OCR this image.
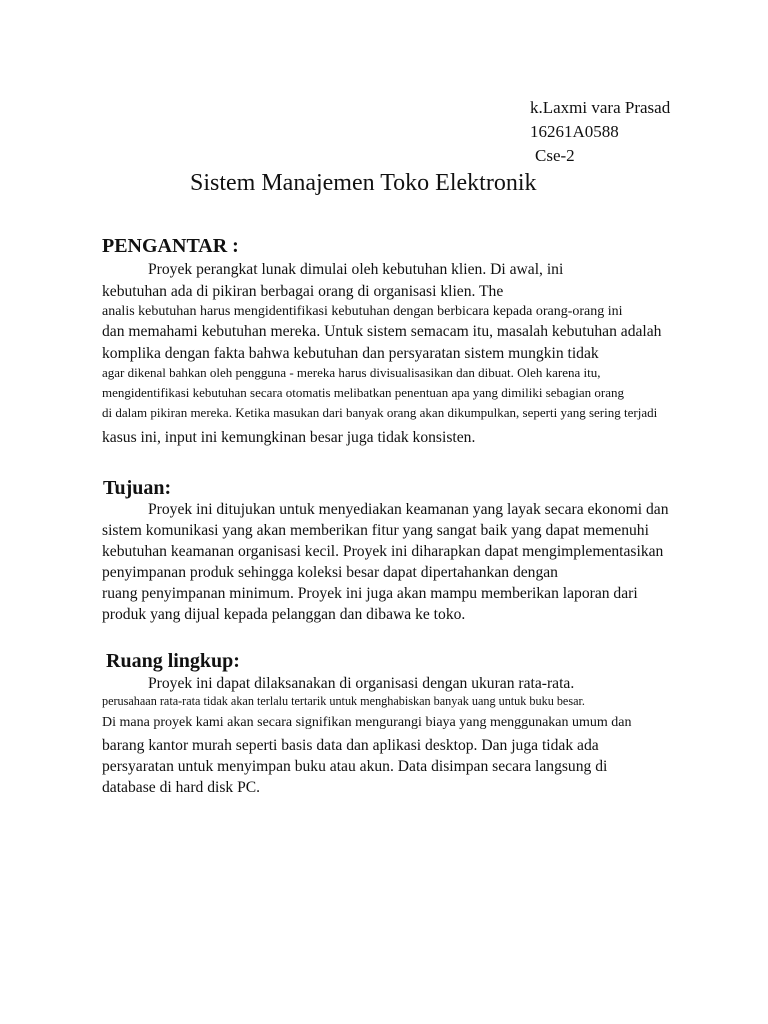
k.Laxmi vara Prasad
16261A0588
Cse-2
Sistem Manajemen Toko Elektronik
PENGANTAR :
Proyek perangkat lunak dimulai oleh kebutuhan klien. Di awal, ini
kebutuhan ada di pikiran berbagai orang di organisasi klien. The
analis kebutuhan harus mengidentifikasi kebutuhan dengan berbicara kepada orang-orang ini
dan memahami kebutuhan mereka. Untuk sistem semacam itu, masalah kebutuhan adalah
komplika dengan fakta bahwa kebutuhan dan persyaratan sistem mungkin tidak
agar dikenal bahkan oleh pengguna - mereka harus divisualisasikan dan dibuat. Oleh karena itu,
mengidentifikasi kebutuhan secara otomatis melibatkan penentuan apa yang dimiliki sebagian orang
di dalam pikiran mereka. Ketika masukan dari banyak orang akan dikumpulkan, seperti yang sering terjadi
kasus ini, input ini kemungkinan besar juga tidak konsisten.
Tujuan:
Proyek ini ditujukan untuk menyediakan keamanan yang layak secara ekonomi dan
sistem komunikasi yang akan memberikan fitur yang sangat baik yang dapat memenuhi
kebutuhan keamanan organisasi kecil. Proyek ini diharapkan dapat mengimplementasikan
penyimpanan produk sehingga koleksi besar dapat dipertahankan dengan
ruang penyimpanan minimum. Proyek ini juga akan mampu memberikan laporan dari
produk yang dijual kepada pelanggan dan dibawa ke toko.
Ruang lingkup:
Proyek ini dapat dilaksanakan di organisasi dengan ukuran rata-rata.
perusahaan rata-rata tidak akan terlalu tertarik untuk menghabiskan banyak uang untuk buku besar.
Di mana proyek kami akan secara signifikan mengurangi biaya yang menggunakan umum dan
barang kantor murah seperti basis data dan aplikasi desktop. Dan juga tidak ada
persyaratan untuk menyimpan buku atau akun. Data disimpan secara langsung di
database di hard disk PC.
